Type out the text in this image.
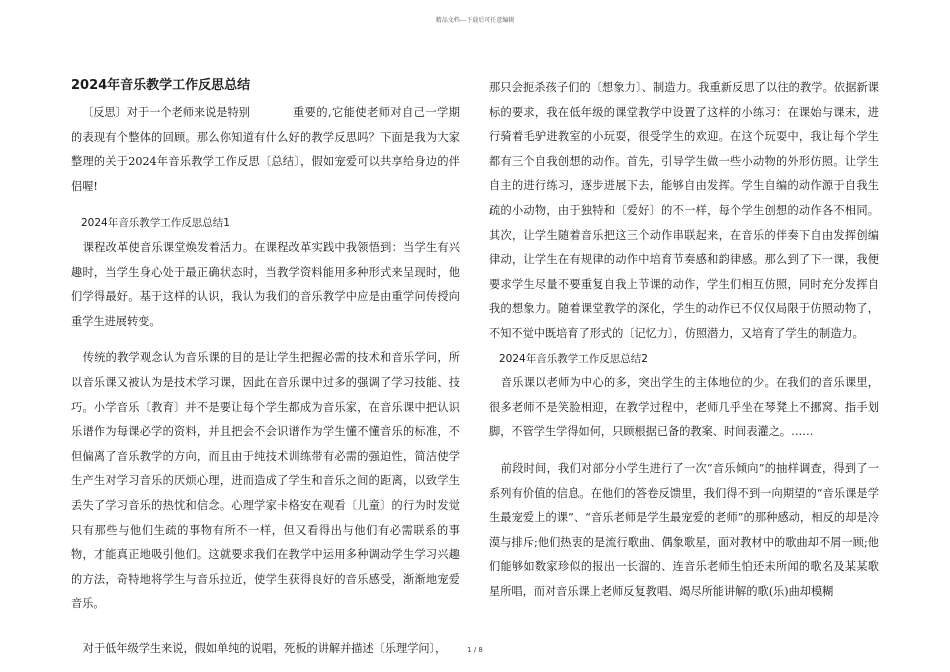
精品文档---下载后可任意编辑
2024年音乐教学工作反思总结
〔反思〕对于一个老师来说是特别	重要的,它能使老师对自己一学期的表现有个整体的回顾。那么你知道有什么好的教学反思吗？下面是我为大家整理的关于2024年音乐教学工作反思〔总结〕，假如宠爱可以共享给身边的伴侣喔!

2024年音乐教学工作反思总结1

课程改革使音乐课堂焕发着活力。在课程改革实践中我领悟到：当学生有兴趣时，当学生身心处于最正确状态时，当教学资料能用多种形式来呈现时，他们学得最好。基于这样的认识，我认为我们的音乐教学中应是由重学问传授向重学生进展转变。

传统的教学观念认为音乐课的目的是让学生把握必需的技术和音乐学问，所以音乐课又被认为是技术学习课，因此在音乐课中过多的强调了学习技能、技巧。小学音乐〔教育〕并不是要让每个学生都成为音乐家，在音乐课中把认识乐谱作为每课必学的资料，并且把会不会识谱作为学生懂不懂音乐的标准，不但偏离了音乐教学的方向，而且由于纯技术训练带有必需的强迫性，简洁使学生产生对学习音乐的厌烦心理，进而造成了学生和音乐之间的距离，以致学生丢失了学习音乐的热忱和信念。心理学家卡格安在观看〔儿童〕的行为时发觉只有那些与他们生疏的事物有所不一样，但又看得出与他们有必需联系的事物，才能真正地吸引他们。这就要求我们在教学中运用多种调动学生学习兴趣的方法，奇特地将学生与音乐拉近，使学生获得良好的音乐感受，渐渐地宠爱音乐。

对于低年级学生来说，假如单纯的说唱，死板的讲解并描述〔乐理学问〕，

那只会扼杀孩子们的〔想象力〕、制造力。我重新反思了以往的教学。依据新课标的要求，我在低年级的课堂教学中设置了这样的小练习：在课始与课末，进行骑着毛驴进教室的小玩耍，很受学生的欢迎。在这个玩耍中，我让每个学生都有三个自我创想的动作。首先，引导学生做一些小动物的外形仿照。让学生自主的进行练习，逐步进展下去，能够自由发挥。学生自编的动作源于自我生疏的小动物，由于独特和〔爱好〕的不一样，每个学生创想的动作各不相同。其次，让学生随着音乐把这三个动作串联起来，在音乐的伴奏下自由发挥创编律动，让学生在有规律的动作中培育节奏感和韵律感。那么到了下一课，我便要求学生尽量不要重复自我上节课的动作，学生们相互仿照，同时充分发挥自我的想象力。随着课堂教学的深化，学生的动作已不仅仅局限于仿照动物了，不知不觉中既培育了形式的〔记忆力〕，仿照潜力，又培育了学生的制造力。

2024年音乐教学工作反思总结2

音乐课以老师为中心的多，突出学生的主体地位的少。在我们的音乐课里，很多老师不是笑脸相迎，在教学过程中，老师几乎坐在琴凳上不挪窝、指手划脚，不管学生学得如何，只顾根据已备的教案、时间表灌之。……

前段时间，我们对部分小学生进行了一次“音乐倾向”的抽样调查，得到了一系列有价值的信息。在他们的答卷反馈里，我们得不到一向期望的“音乐课是学生最宠爱上的课”、“音乐老师是学生最宠爱的老师”的那种感动，相反的却是冷漠与排斥;他们热衷的是流行歌曲、偶象歌星，面对教材中的歌曲却不屑一顾;他们能够如数家珍似的报出一长溜的、连音乐老师生怕还未所闻的歌名及某某歌星所唱，而对音乐课上老师反复教唱、竭尽所能讲解的歌(乐)曲却模糊

1 / 8
